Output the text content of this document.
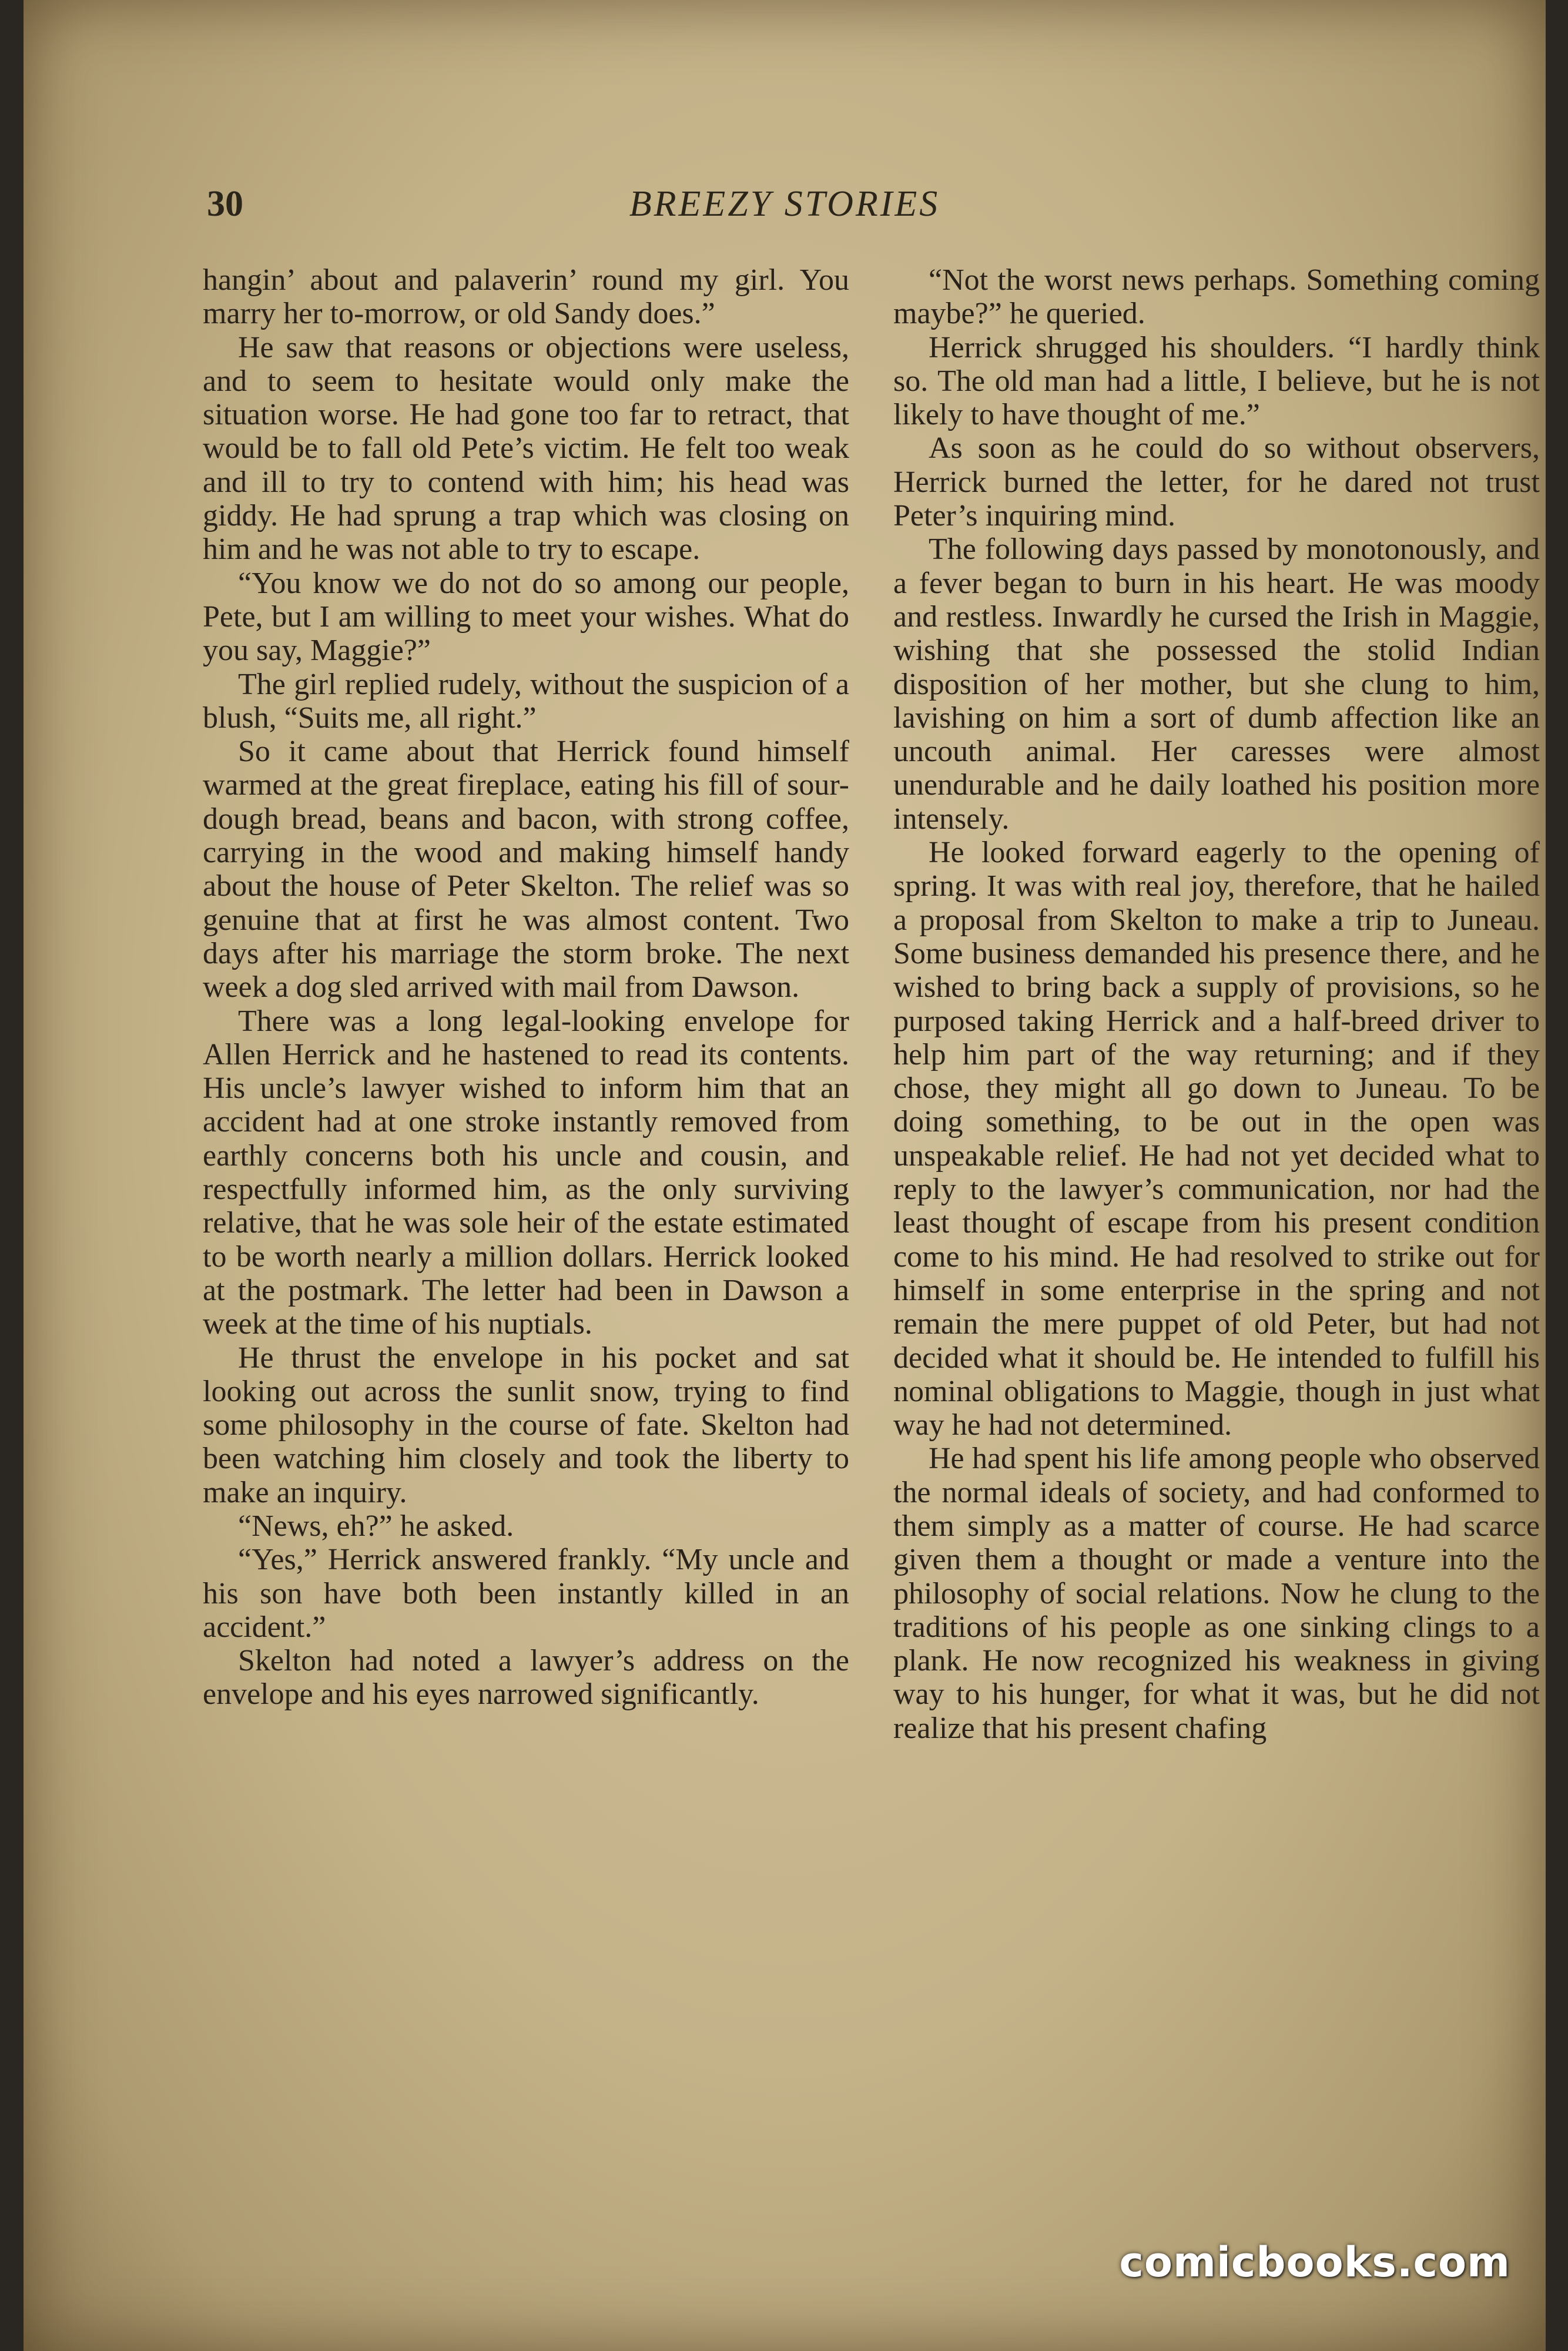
30	BREEZY STORIES

hangin’ about and palaverin’ round my girl. You marry her to-morrow, or old Sandy does.”

He saw that reasons or objections were useless, and to seem to hesitate would only make the situation worse. He had gone too far to retract, that would be to fall old Pete’s victim. He felt too weak and ill to try to contend with him; his head was giddy. He had sprung a trap which was closing on him and he was not able to try to escape.

“You know we do not do so among our people, Pete, but I am willing to meet your wishes. What do you say, Maggie?”

The girl replied rudely, without the suspicion of a blush, “Suits me, all right.”

So it came about that Herrick found himself warmed at the great fireplace, eating his fill of sour-dough bread, beans and bacon, with strong coffee, carrying in the wood and making himself handy about the house of Peter Skelton. The relief was so genuine that at first he was almost content. Two days after his marriage the storm broke. The next week a dog sled arrived with mail from Dawson.

There was a long legal-looking envelope for Allen Herrick and he hastened to read its contents. His uncle’s lawyer wished to inform him that an accident had at one stroke instantly removed from earthly concerns both his uncle and cousin, and respectfully informed him, as the only surviving relative, that he was sole heir of the estate estimated to be worth nearly a million dollars. Herrick looked at the postmark. The letter had been in Dawson a week at the time of his nuptials.

He thrust the envelope in his pocket and sat looking out across the sunlit snow, trying to find some philosophy in the course of fate. Skelton had been watching him closely and took the liberty to make an inquiry.

“News, eh?” he asked.

“Yes,” Herrick answered frankly. “My uncle and his son have both been instantly killed in an accident.”

Skelton had noted a lawyer’s address on the envelope and his eyes narrowed significantly.

“Not the worst news perhaps. Something coming maybe?” he queried.

Herrick shrugged his shoulders. “I hardly think so. The old man had a little, I believe, but he is not likely to have thought of me.”

As soon as he could do so without observers, Herrick burned the letter, for he dared not trust Peter’s inquiring mind.

The following days passed by monotonously, and a fever began to burn in his heart. He was moody and restless. Inwardly he cursed the Irish in Maggie, wishing that she possessed the stolid Indian disposition of her mother, but she clung to him, lavishing on him a sort of dumb affection like an uncouth animal. Her caresses were almost unendurable and he daily loathed his position more intensely.

He looked forward eagerly to the opening of spring. It was with real joy, therefore, that he hailed a proposal from Skelton to make a trip to Juneau. Some business demanded his presence there, and he wished to bring back a supply of provisions, so he purposed taking Herrick and a half-breed driver to help him part of the way returning; and if they chose, they might all go down to Juneau. To be doing something, to be out in the open was unspeakable relief. He had not yet decided what to reply to the lawyer’s communication, nor had the least thought of escape from his present condition come to his mind. He had resolved to strike out for himself in some enterprise in the spring and not remain the mere puppet of old Peter, but had not decided what it should be. He intended to fulfill his nominal obligations to Maggie, though in just what way he had not determined.

He had spent his life among people who observed the normal ideals of society, and had conformed to them simply as a matter of course. He had scarce given them a thought or made a venture into the philosophy of social relations. Now he clung to the traditions of his people as one sinking clings to a plank. He now recognized his weakness in giving way to his hunger, for what it was, but he did not realize that his present chafing

comicbooks.com
